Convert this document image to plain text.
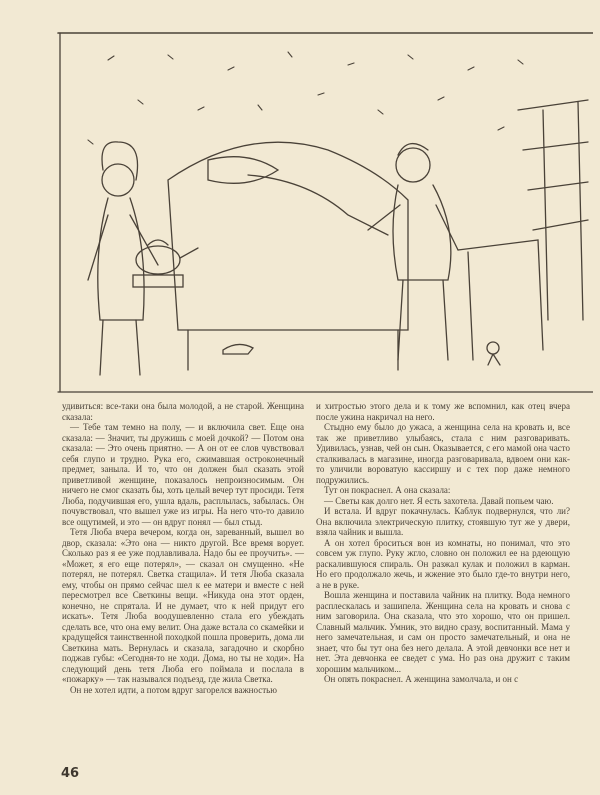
удивиться: все-таки она была молодой, а не старой. Женщина сказала:

— Тебе там темно на полу, — и включила свет. Еще она сказала: — Значит, ты дружишь с моей дочкой? — Потом она сказала: — Это очень приятно. — А он от ее слов чувствовал себя глупо и трудно. Рука его, сжимавшая остроконечный предмет, заныла. И то, что он должен был сказать этой приветливой женщине, показалось непроизносимым. Он ничего не смог сказать бы, хоть целый вечер тут просиди. Тетя Люба, подучившая его, ушла вдаль, расплылась, забылась. Он почувствовал, что вышел уже из игры. На него что-то давило все ощутимей, и это — он вдруг понял — был стыд.

Тетя Люба вчера вечером, когда он, зареванный, вышел во двор, сказала: «Это она — никто другой. Все время ворует. Сколько раз я ее уже подлавливала. Надо бы ее проучить». — «Может, я его еще потерял», — сказал он смущенно. «Не потерял, не потерял. Светка стащила». И тетя Люба сказала ему, чтобы он прямо сейчас шел к ее матери и вместе с ней пересмотрел все Светкины вещи. «Никуда она этот орден, конечно, не спрятала. И не думает, что к ней придут его искать». Тетя Люба воодушевленно стала его убеждать сделать все, что она ему велит. Она даже встала со скамейки и крадущейся таинственной походкой пошла проверить, дома ли Светкина мать. Вернулась и сказала, загадочно и скорбно поджав губы: «Сегодня-то не ходи. Дома, но ты не ходи». На следующий день тетя Люба его поймала и послала в «пожарку» — так назывался подъезд, где жила Светка.

Он не хотел идти, а потом вдруг загорелся важностью

и хитростью этого дела и к тому же вспомнил, как отец вчера после ужина накричал на него.

Стыдно ему было до ужаса, а женщина села на кровать и, все так же приветливо улыбаясь, стала с ним разговаривать. Удивилась, узнав, чей он сын. Оказывается, с его мамой она часто сталкивалась в магазине, иногда разговаривала, вдвоем они как-то уличили вороватую кассиршу и с тех пор даже немного подружились.

Тут он покраснел. А она сказала:

— Светы как долго нет. Я есть захотела. Давай попьем чаю.

И встала. И вдруг покачнулась. Каблук подвернулся, что ли? Она включила электрическую плитку, стоявшую тут же у двери, взяла чайник и вышла.

А он хотел броситься вон из комнаты, но понимал, что это совсем уж глупо. Руку жгло, словно он положил ее на рдеющую раскалившуюся спираль. Он разжал кулак и положил в карман. Но его продолжало жечь, и жжение это было где-то внутри него, а не в руке.

Вошла женщина и поставила чайник на плитку. Вода немного расплескалась и зашипела. Женщина села на кровать и снова с ним заговорила. Она сказала, что это хорошо, что он пришел. Славный мальчик. Умник, это видно сразу, воспитанный. Мама у него замечательная, и сам он просто замечательный, и она не знает, что бы тут она без него делала. А этой девчонки все нет и нет. Эта девчонка ее сведет с ума. Но раз она дружит с таким хорошим мальчиком...

Он опять покраснел. А женщина замолчала, и он с

46
